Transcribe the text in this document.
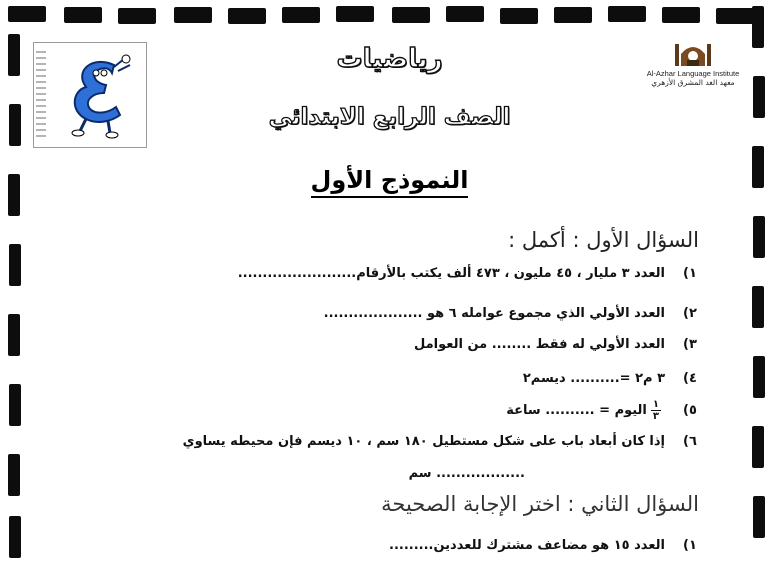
Al-Azhar Language Institute
معهد الغد المشرق الأزهري
رياضيات
الصف الرابع الابتدائي
النموذج الأول
السؤال الأول : أكمل :
١)العدد ٣ مليار ، ٤٥ مليون ، ٤٧٣ ألف يكتب بالأرقام........................
٢)العدد الأولي الذي مجموع عوامله ٦ هو ....................
٣)العدد الأولي له فقط ........ من العوامل
٤)٣ م٢ =.......... ديسم٢
٥)
$\frac{١}{٣}$
اليوم = .......... ساعة
٦)إذا كان أبعاد باب على شكل مستطيل ١٨٠ سم ، ١٠ ديسم فإن محيطه يساوي
.................. سم
السؤال الثاني : اختر الإجابة الصحيحة
١)العدد ١٥ هو مضاعف مشترك للعددين.........
